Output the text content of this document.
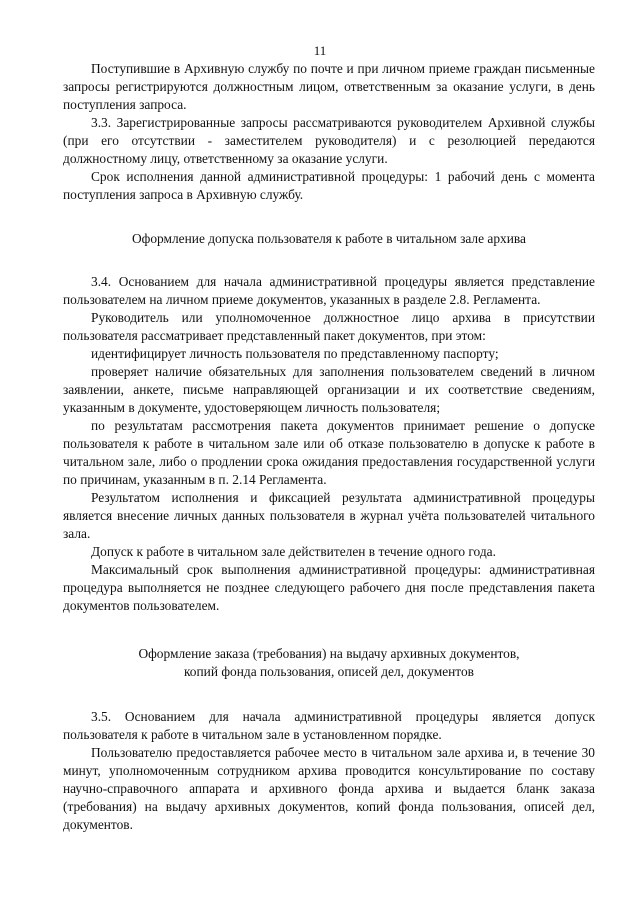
11

Поступившие в Архивную службу по почте и при личном приеме граждан письменные запросы регистрируются должностным лицом, ответственным за оказание услуги, в день поступления запроса.

3.3. Зарегистрированные запросы рассматриваются руководителем Архивной службы (при его отсутствии - заместителем руководителя) и с резолюцией передаются должностному лицу, ответственному за оказание услуги.

Срок исполнения данной административной процедуры: 1 рабочий день с момента поступления запроса в Архивную службу.

Оформление допуска пользователя к работе в читальном зале архива

3.4. Основанием для начала административной процедуры является представление пользователем на личном приеме документов, указанных в разделе 2.8. Регламента.

Руководитель или уполномоченное должностное лицо архива в присутствии пользователя рассматривает представленный пакет документов, при этом:

идентифицирует личность пользователя по представленному паспорту;

проверяет наличие обязательных для заполнения пользователем сведений в личном заявлении, анкете, письме направляющей организации и их соответствие сведениям, указанным в документе, удостоверяющем личность пользователя;

по результатам рассмотрения пакета документов принимает решение о допуске пользователя к работе в читальном зале или об отказе пользователю в допуске к работе в читальном зале, либо о продлении срока ожидания предоставления государственной услуги по причинам, указанным в п. 2.14 Регламента.

Результатом исполнения и фиксацией результата административной процедуры является внесение личных данных пользователя в журнал учёта пользователей читального зала.

Допуск к работе в читальном зале действителен в течение одного года.

Максимальный срок выполнения административной процедуры: административная процедура выполняется не позднее следующего рабочего дня после представления пакета документов пользователем.

Оформление заказа (требования) на выдачу архивных документов,
копий фонда пользования, описей дел, документов

3.5. Основанием для начала административной процедуры является допуск пользователя к работе в читальном зале в установленном порядке.

Пользователю предоставляется рабочее место в читальном зале архива и, в течение 30 минут, уполномоченным сотрудником архива проводится консультирование по составу научно-справочного аппарата и архивного фонда архива и выдается бланк заказа (требования) на выдачу архивных документов, копий фонда пользования, описей дел, документов.
